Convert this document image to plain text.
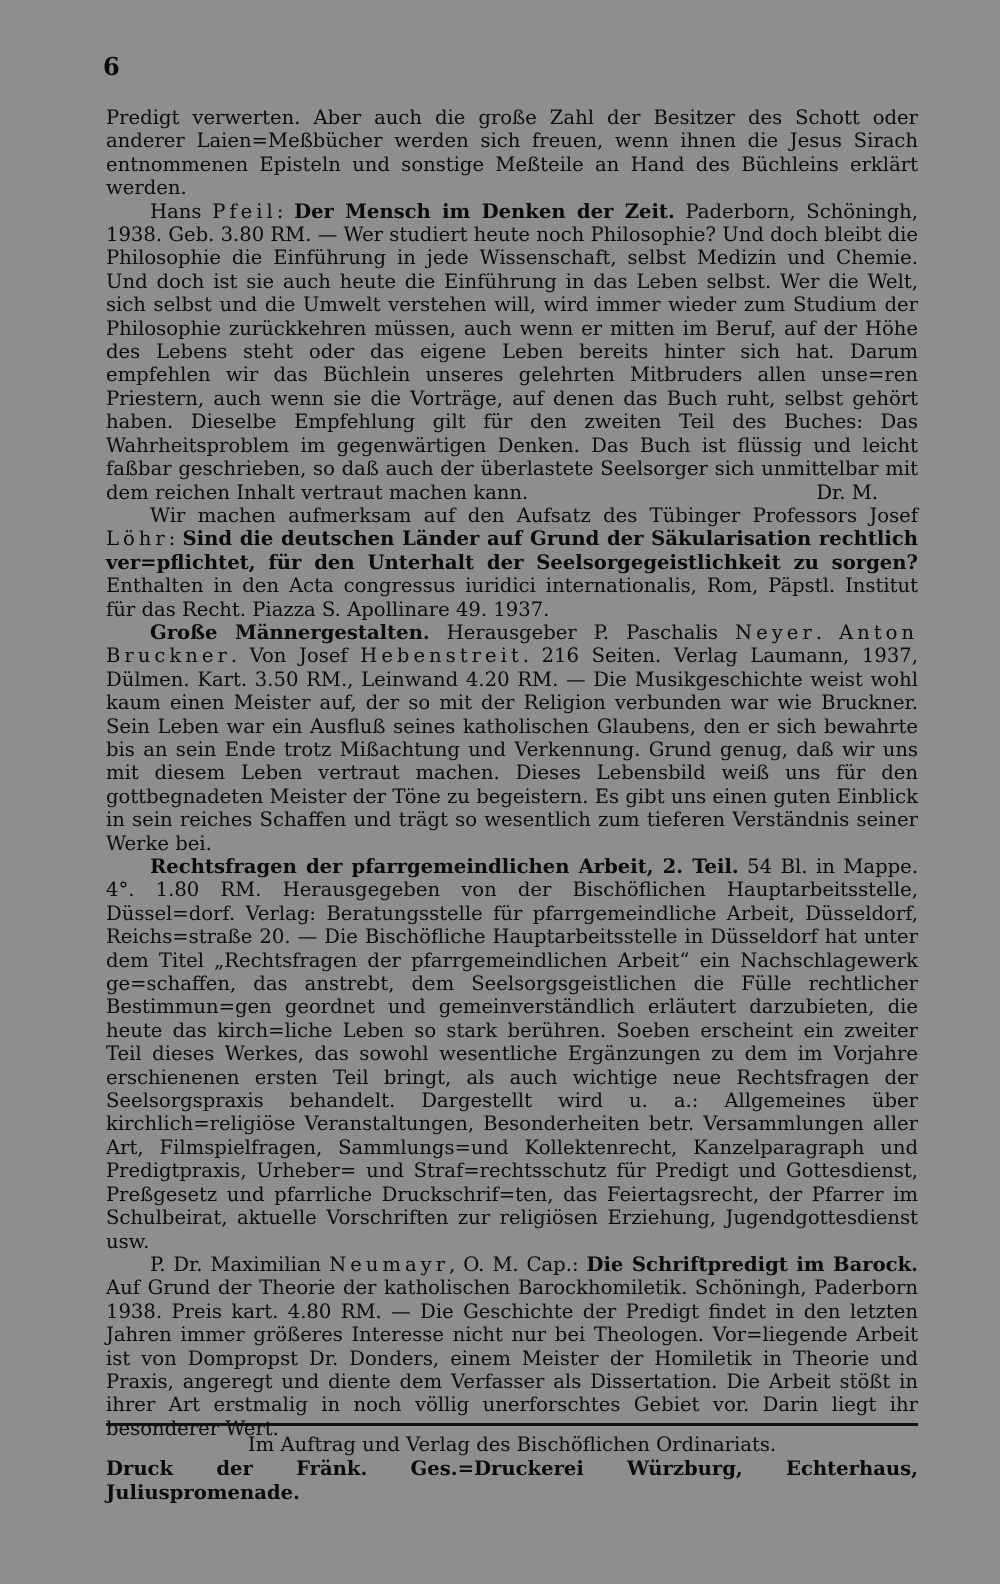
6

Predigt verwerten. Aber auch die große Zahl der Besitzer des Schott oder anderer Laien=Meßbücher werden sich freuen, wenn ihnen die Jesus Sirach entnommenen Episteln und sonstige Meßteile an Hand des Büchleins erklärt werden.

Hans Pfeil: Der Mensch im Denken der Zeit. Paderborn, Schöningh, 1938. Geb. 3.80 RM. — Wer studiert heute noch Philosophie? Und doch bleibt die Philosophie die Einführung in jede Wissenschaft, selbst Medizin und Chemie. Und doch ist sie auch heute die Einführung in das Leben selbst. Wer die Welt, sich selbst und die Umwelt verstehen will, wird immer wieder zum Studium der Philosophie zurückkehren müssen, auch wenn er mitten im Beruf, auf der Höhe des Lebens steht oder das eigene Leben bereits hinter sich hat. Darum empfehlen wir das Büchlein unseres gelehrten Mitbruders allen unse=ren Priestern, auch wenn sie die Vorträge, auf denen das Buch ruht, selbst gehört haben. Dieselbe Empfehlung gilt für den zweiten Teil des Buches: Das Wahrheitsproblem im gegenwärtigen Denken. Das Buch ist flüssig und leicht faßbar geschrieben, so daß auch der überlastete Seelsorger sich unmittelbar mit dem reichen Inhalt vertraut machen kann.	Dr. M.

Wir machen aufmerksam auf den Aufsatz des Tübinger Professors Josef Löhr: Sind die deutschen Länder auf Grund der Säkularisation rechtlich ver=pflichtet, für den Unterhalt der Seelsorgegeistlichkeit zu sorgen? Enthalten in den Acta congressus iuridici internationalis, Rom, Päpstl. Institut für das Recht. Piazza S. Apollinare 49. 1937.

Große Männergestalten. Herausgeber P. Paschalis Neyer. Anton Bruckner. Von Josef Hebenstreit. 216 Seiten. Verlag Laumann, 1937, Dülmen. Kart. 3.50 RM., Leinwand 4.20 RM. — Die Musikgeschichte weist wohl kaum einen Meister auf, der so mit der Religion verbunden war wie Bruckner. Sein Leben war ein Ausfluß seines katholischen Glaubens, den er sich bewahrte bis an sein Ende trotz Mißachtung und Verkennung. Grund genug, daß wir uns mit diesem Leben vertraut machen. Dieses Lebensbild weiß uns für den gottbegnadeten Meister der Töne zu begeistern. Es gibt uns einen guten Einblick in sein reiches Schaffen und trägt so wesentlich zum tieferen Verständnis seiner Werke bei.

Rechtsfragen der pfarrgemeindlichen Arbeit, 2. Teil. 54 Bl. in Mappe. 4°. 1.80 RM. Herausgegeben von der Bischöflichen Hauptarbeitsstelle, Düssel=dorf. Verlag: Beratungsstelle für pfarrgemeindliche Arbeit, Düsseldorf, Reichs=straße 20. — Die Bischöfliche Hauptarbeitsstelle in Düsseldorf hat unter dem Titel „Rechtsfragen der pfarrgemeindlichen Arbeit“ ein Nachschlagewerk ge=schaffen, das anstrebt, dem Seelsorgsgeistlichen die Fülle rechtlicher Bestimmun=gen geordnet und gemeinverständlich erläutert darzubieten, die heute das kirch=liche Leben so stark berühren. Soeben erscheint ein zweiter Teil dieses Werkes, das sowohl wesentliche Ergänzungen zu dem im Vorjahre erschienenen ersten Teil bringt, als auch wichtige neue Rechtsfragen der Seelsorgspraxis behandelt. Dargestellt wird u. a.: Allgemeines über kirchlich=religiöse Veranstaltungen, Besonderheiten betr. Versammlungen aller Art, Filmspielfragen, Sammlungs=und Kollektenrecht, Kanzelparagraph und Predigtpraxis, Urheber= und Straf=rechtsschutz für Predigt und Gottesdienst, Preßgesetz und pfarrliche Druckschrif=ten, das Feiertagsrecht, der Pfarrer im Schulbeirat, aktuelle Vorschriften zur religiösen Erziehung, Jugendgottesdienst usw.

P. Dr. Maximilian Neumayr, O. M. Cap.: Die Schriftpredigt im Barock. Auf Grund der Theorie der katholischen Barockhomiletik. Schöningh, Paderborn 1938. Preis kart. 4.80 RM. — Die Geschichte der Predigt findet in den letzten Jahren immer größeres Interesse nicht nur bei Theologen. Vor=liegende Arbeit ist von Dompropst Dr. Donders, einem Meister der Homiletik in Theorie und Praxis, angeregt und diente dem Verfasser als Dissertation. Die Arbeit stößt in ihrer Art erstmalig in noch völlig unerforschtes Gebiet vor. Darin liegt ihr besonderer Wert.

Im Auftrag und Verlag des Bischöflichen Ordinariats.
Druck der Fränk. Ges.=Druckerei Würzburg, Echterhaus, Juliuspromenade.
